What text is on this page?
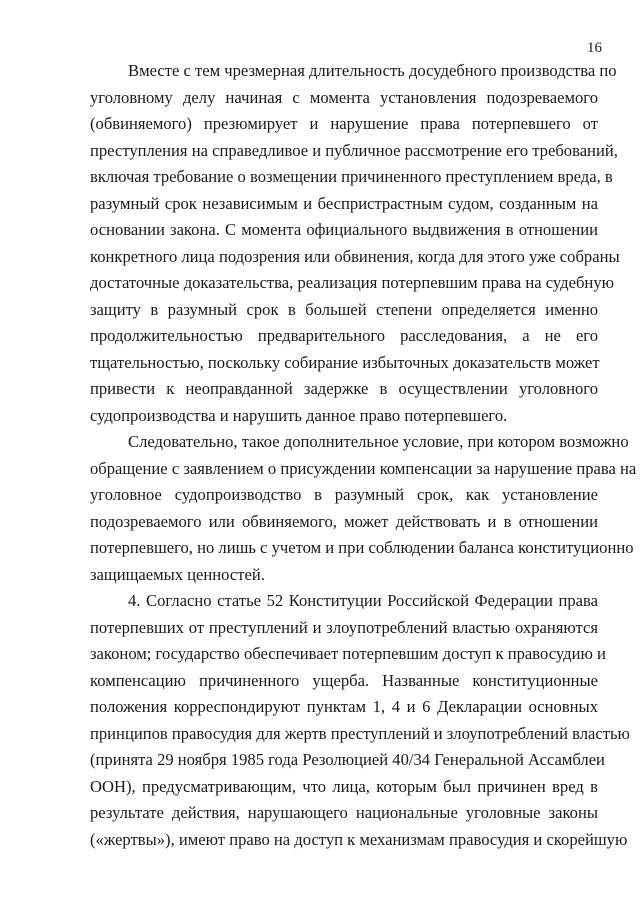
16
Вместе с тем чрезмерная длительность досудебного производства по
уголовному делу начиная с момента установления подозреваемого
(обвиняемого) презюмирует и нарушение права потерпевшего от
преступления на справедливое и публичное рассмотрение его требований,
включая требование о возмещении причиненного преступлением вреда, в
разумный срок независимым и беспристрастным судом, созданным на
основании закона. С момента официального выдвижения в отношении
конкретного лица подозрения или обвинения, когда для этого уже собраны
достаточные доказательства, реализация потерпевшим права на судебную
защиту в разумный срок в большей степени определяется именно
продолжительностью предварительного расследования, а не его
тщательностью, поскольку собирание избыточных доказательств может
привести к неоправданной задержке в осуществлении уголовного
судопроизводства и нарушить данное право потерпевшего.
Следовательно, такое дополнительное условие, при котором возможно
обращение с заявлением о присуждении компенсации за нарушение права на
уголовное судопроизводство в разумный срок, как установление
подозреваемого или обвиняемого, может действовать и в отношении
потерпевшего, но лишь с учетом и при соблюдении баланса конституционно
защищаемых ценностей.
4. Согласно статье 52 Конституции Российской Федерации права
потерпевших от преступлений и злоупотреблений властью охраняются
законом; государство обеспечивает потерпевшим доступ к правосудию и
компенсацию причиненного ущерба. Названные конституционные
положения корреспондируют пунктам 1, 4 и 6 Декларации основных
принципов правосудия для жертв преступлений и злоупотреблений властью
(принята 29 ноября 1985 года Резолюцией 40/34 Генеральной Ассамблеи
ООН), предусматривающим, что лица, которым был причинен вред в
результате действия, нарушающего национальные уголовные законы
(«жертвы»), имеют право на доступ к механизмам правосудия и скорейшую
